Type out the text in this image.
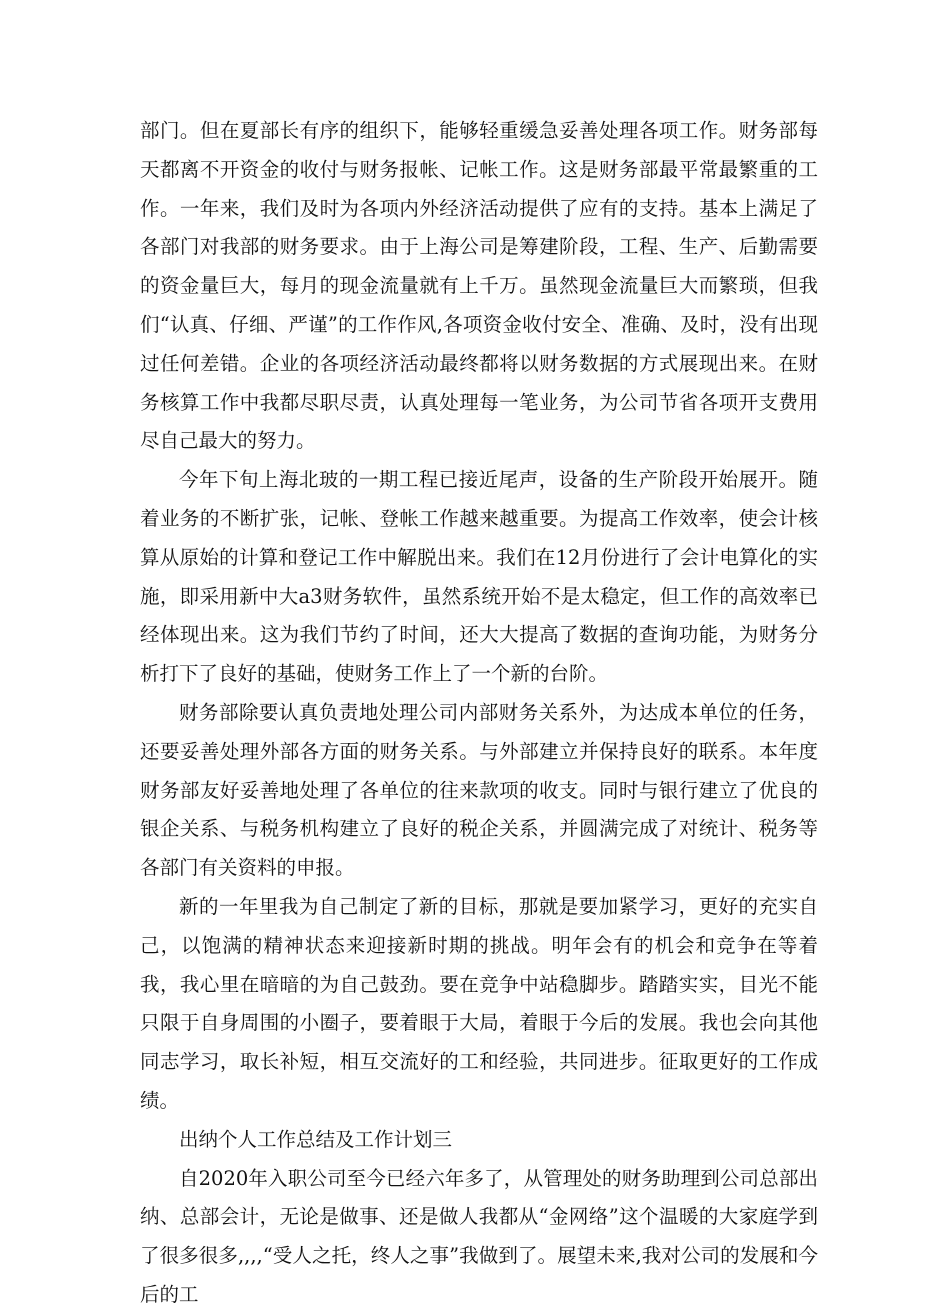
部门。但在夏部长有序的组织下，能够轻重缓急妥善处理各项工作。财务部每天都离不开资金的收付与财务报帐、记帐工作。这是财务部最平常最繁重的工作。一年来，我们及时为各项内外经济活动提供了应有的支持。基本上满足了各部门对我部的财务要求。由于上海公司是筹建阶段，工程、生产、后勤需要的资金量巨大，每月的现金流量就有上千万。虽然现金流量巨大而繁琐，但我们“认真、仔细、严谨”的工作作风,各项资金收付安全、准确、及时，没有出现过任何差错。企业的各项经济活动最终都将以财务数据的方式展现出来。在财务核算工作中我都尽职尽责，认真处理每一笔业务，为公司节省各项开支费用尽自己最大的努力。

今年下旬上海北玻的一期工程已接近尾声，设备的生产阶段开始展开。随着业务的不断扩张，记帐、登帐工作越来越重要。为提高工作效率，使会计核算从原始的计算和登记工作中解脱出来。我们在12月份进行了会计电算化的实施，即采用新中大a3财务软件，虽然系统开始不是太稳定，但工作的高效率已经体现出来。这为我们节约了时间，还大大提高了数据的查询功能，为财务分析打下了良好的基础，使财务工作上了一个新的台阶。

财务部除要认真负责地处理公司内部财务关系外，为达成本单位的任务，还要妥善处理外部各方面的财务关系。与外部建立并保持良好的联系。本年度财务部友好妥善地处理了各单位的往来款项的收支。同时与银行建立了优良的银企关系、与税务机构建立了良好的税企关系，并圆满完成了对统计、税务等各部门有关资料的申报。

新的一年里我为自己制定了新的目标，那就是要加紧学习，更好的充实自己，以饱满的精神状态来迎接新时期的挑战。明年会有的机会和竞争在等着我，我心里在暗暗的为自己鼓劲。要在竞争中站稳脚步。踏踏实实，目光不能只限于自身周围的小圈子，要着眼于大局，着眼于今后的发展。我也会向其他同志学习，取长补短，相互交流好的工和经验，共同进步。征取更好的工作成绩。

出纳个人工作总结及工作计划三

自2020年入职公司至今已经六年多了，从管理处的财务助理到公司总部出纳、总部会计，无论是做事、还是做人我都从“金网络”这个温暖的大家庭学到了很多很多,,,,“受人之托，终人之事”我做到了。展望未来,我对公司的发展和今后的工
